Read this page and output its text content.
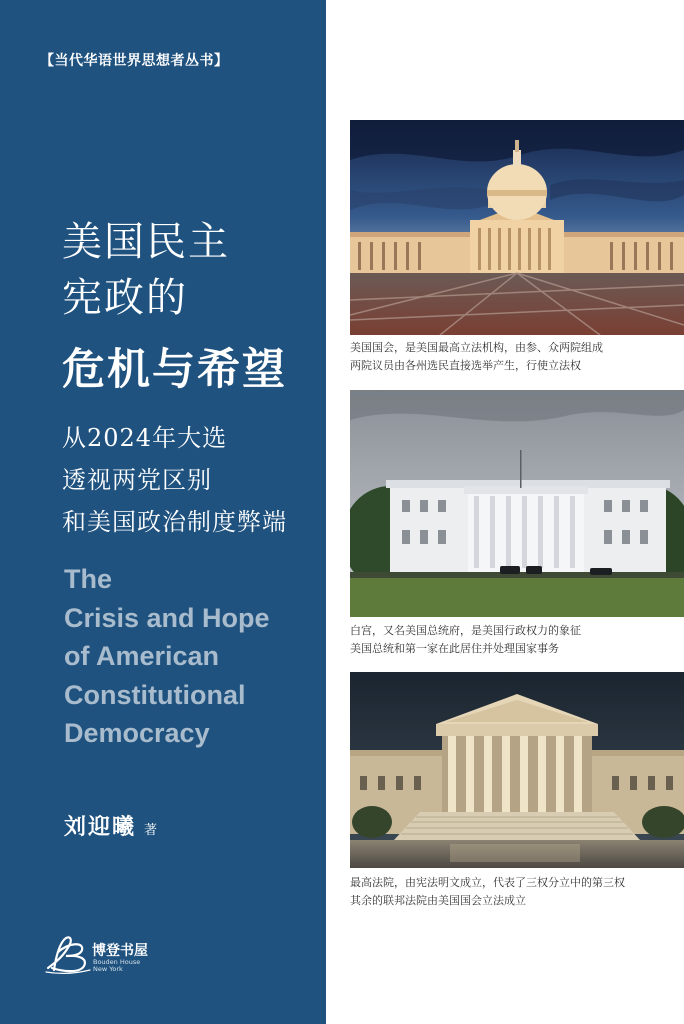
【当代华语世界思想者丛书】
美国民主
宪政的
危机与希望
从2024年大选
透视两党区别
和美国政治制度弊端
The
Crisis and Hope
of American
Constitutional
Democracy
刘迎曦 著
博登书屋
Bouden House
New York
美国国会，是美国最高立法机构，由参、众两院组成
两院议员由各州选民直接选举产生，行使立法权
白宫，又名美国总统府，是美国行政权力的象征
美国总统和第一家在此居住并处理国家事务
最高法院，由宪法明文成立，代表了三权分立中的第三权
其余的联邦法院由美国国会立法成立
